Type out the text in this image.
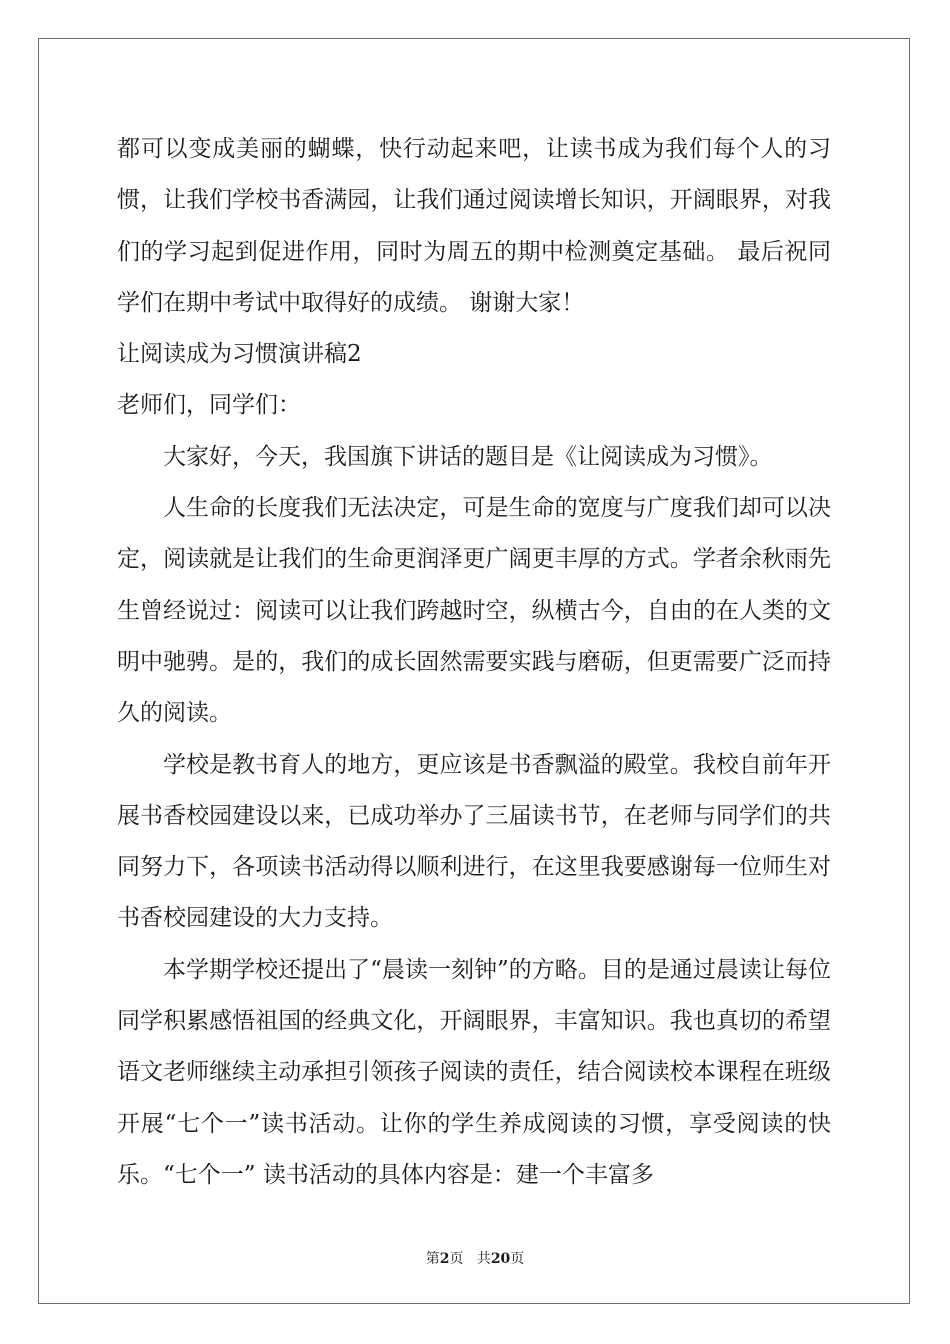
都可以变成美丽的蝴蝶，快行动起来吧，让读书成为我们每个人的习惯，让我们学校书香满园，让我们通过阅读增长知识，开阔眼界，对我们的学习起到促进作用，同时为周五的期中检测奠定基础。 最后祝同学们在期中考试中取得好的成绩。 谢谢大家！

让阅读成为习惯演讲稿2

老师们，同学们：

大家好，今天，我国旗下讲话的题目是《让阅读成为习惯》。

人生命的长度我们无法决定，可是生命的宽度与广度我们却可以决定，阅读就是让我们的生命更润泽更广阔更丰厚的方式。学者余秋雨先生曾经说过：阅读可以让我们跨越时空，纵横古今，自由的在人类的文明中驰骋。是的，我们的成长固然需要实践与磨砺，但更需要广泛而持久的阅读。

学校是教书育人的地方，更应该是书香飘溢的殿堂。我校自前年开展书香校园建设以来，已成功举办了三届读书节，在老师与同学们的共同努力下，各项读书活动得以顺利进行，在这里我要感谢每一位师生对书香校园建设的大力支持。

本学期学校还提出了“晨读一刻钟”的方略。目的是通过晨读让每位同学积累感悟祖国的经典文化，开阔眼界，丰富知识。我也真切的希望语文老师继续主动承担引领孩子阅读的责任，结合阅读校本课程在班级开展“七个一”读书活动。让你的学生养成阅读的习惯，享受阅读的快乐。“七个一” 读书活动的具体内容是：建一个丰富多

第2页 共20页
